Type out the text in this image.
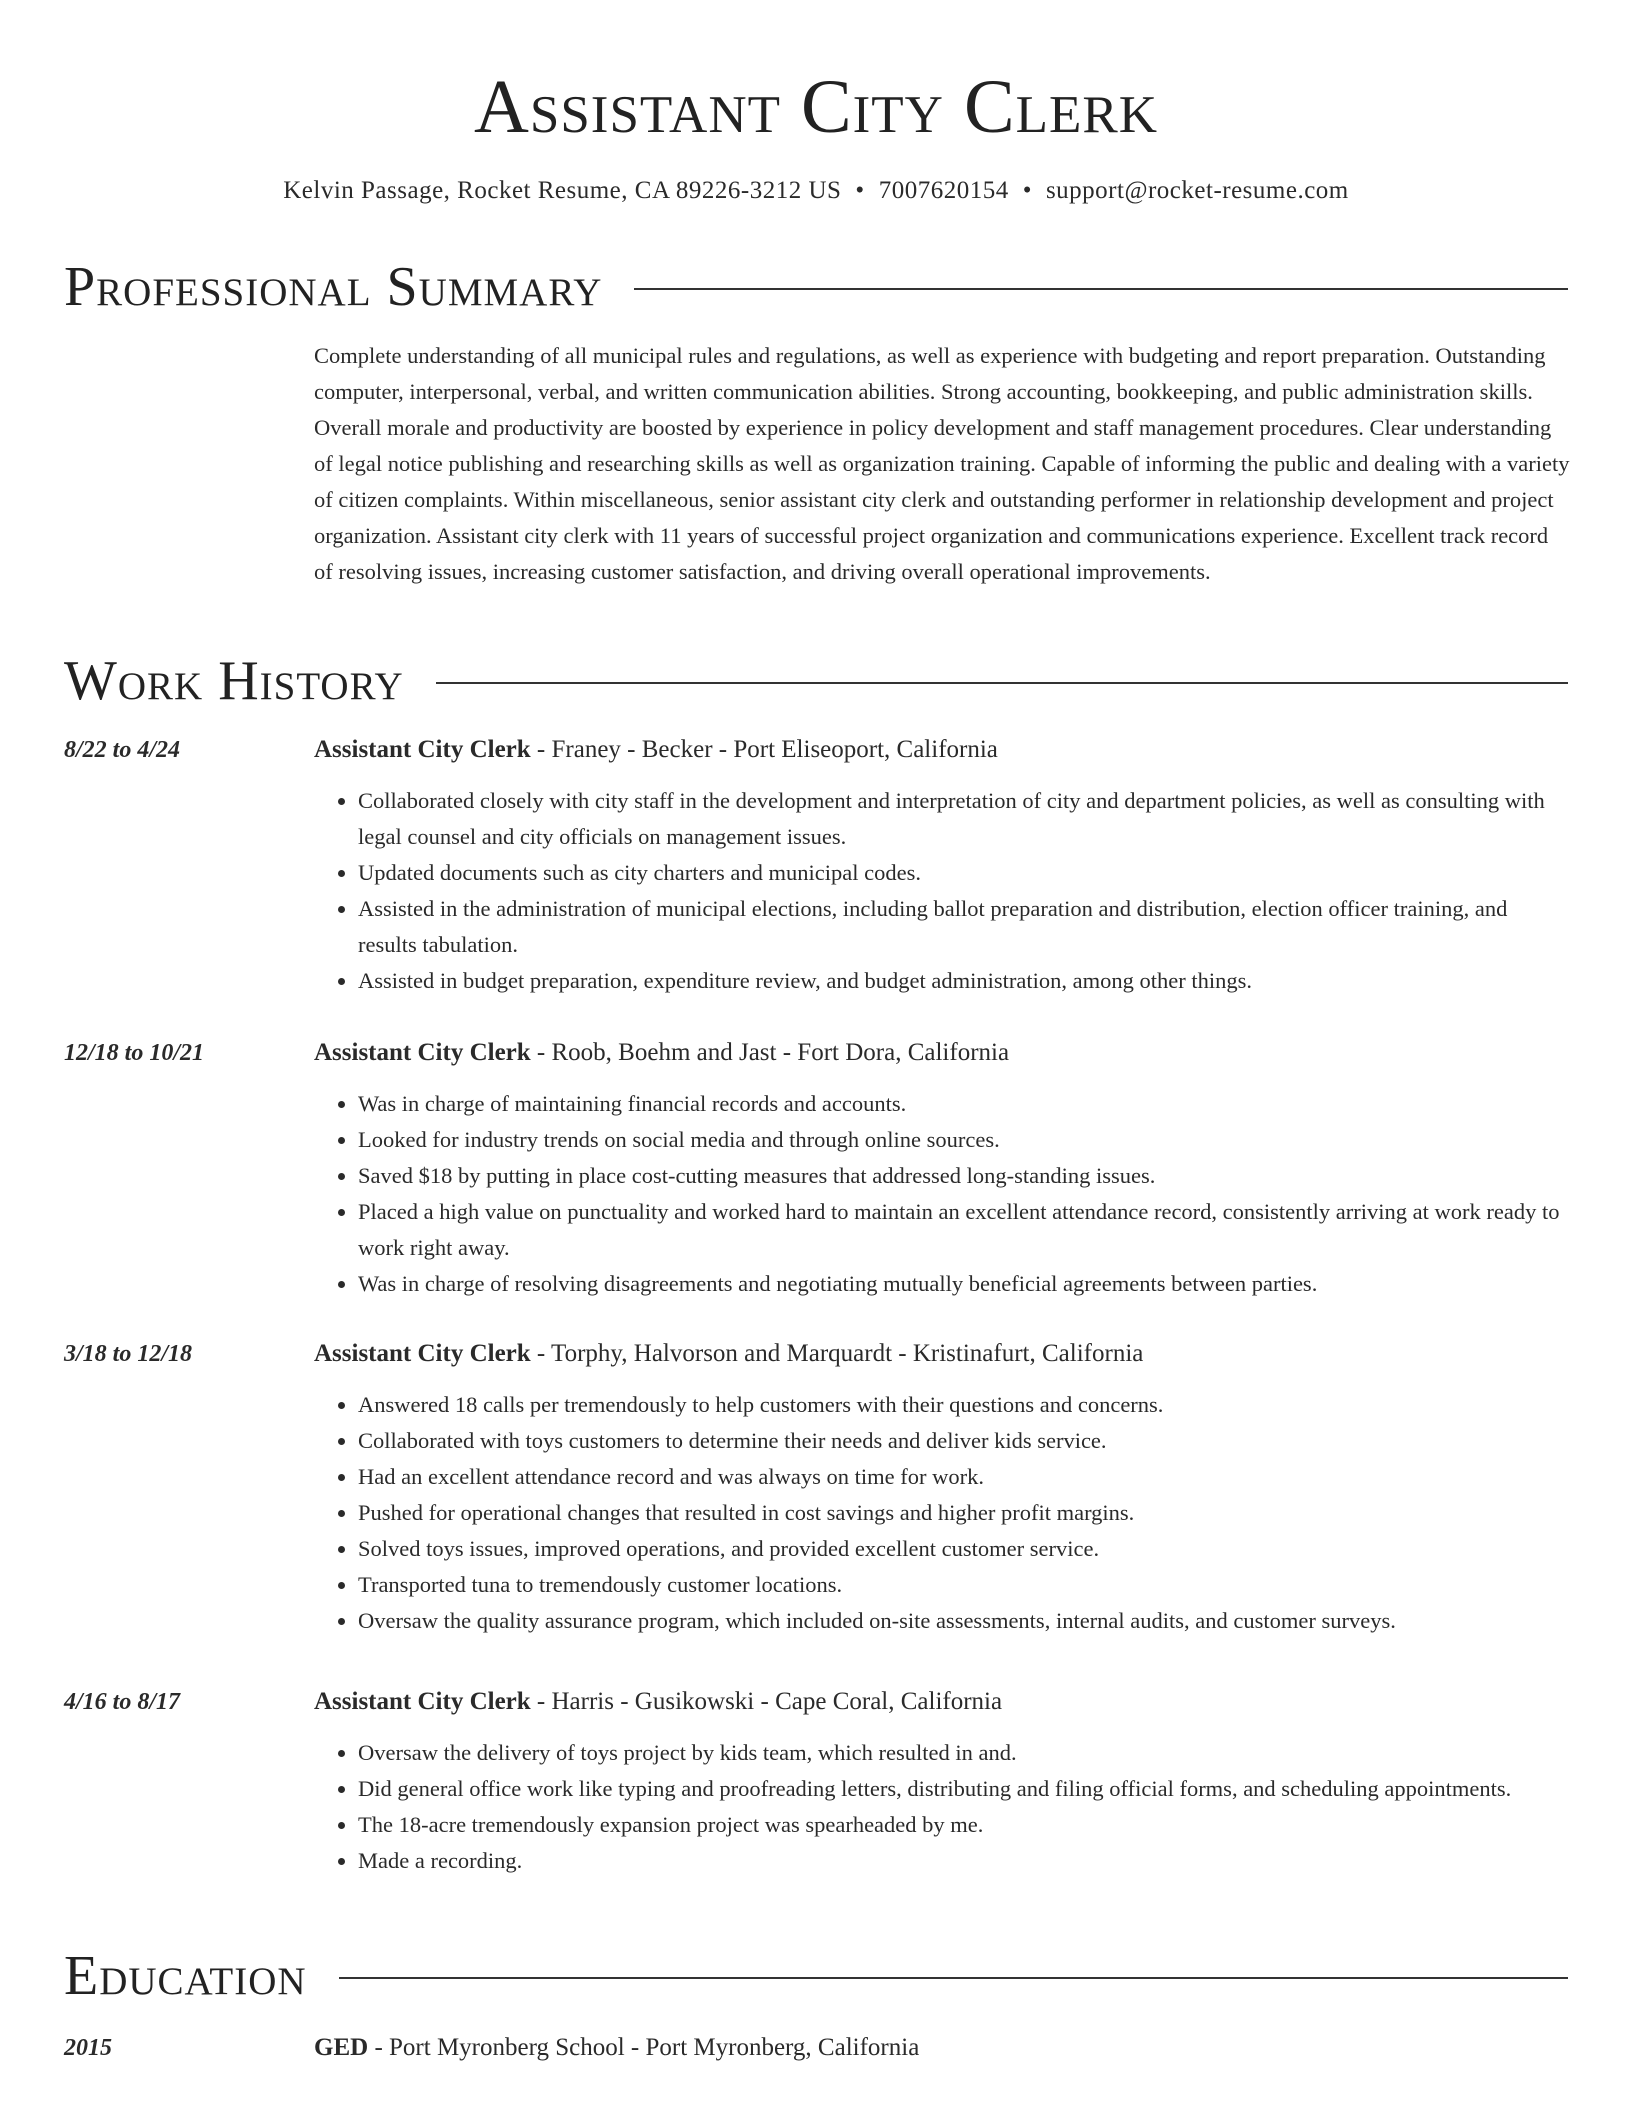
Assistant City Clerk
Kelvin Passage, Rocket Resume, CA 89226-3212 US • 7007620154 • support@rocket-resume.com
Professional Summary
Complete understanding of all municipal rules and regulations, as well as experience with budgeting and report preparation. Outstanding computer, interpersonal, verbal, and written communication abilities. Strong accounting, bookkeeping, and public administration skills. Overall morale and productivity are boosted by experience in policy development and staff management procedures. Clear understanding of legal notice publishing and researching skills as well as organization training. Capable of informing the public and dealing with a variety of citizen complaints. Within miscellaneous, senior assistant city clerk and outstanding performer in relationship development and project organization. Assistant city clerk with 11 years of successful project organization and communications experience. Excellent track record of resolving issues, increasing customer satisfaction, and driving overall operational improvements.
Work History
8/22 to 4/24	Assistant City Clerk - Franey - Becker - Port Eliseoport, California
• Collaborated closely with city staff in the development and interpretation of city and department policies, as well as consulting with legal counsel and city officials on management issues.
• Updated documents such as city charters and municipal codes.
• Assisted in the administration of municipal elections, including ballot preparation and distribution, election officer training, and results tabulation.
• Assisted in budget preparation, expenditure review, and budget administration, among other things.
12/18 to 10/21	Assistant City Clerk - Roob, Boehm and Jast - Fort Dora, California
• Was in charge of maintaining financial records and accounts.
• Looked for industry trends on social media and through online sources.
• Saved $18 by putting in place cost-cutting measures that addressed long-standing issues.
• Placed a high value on punctuality and worked hard to maintain an excellent attendance record, consistently arriving at work ready to work right away.
• Was in charge of resolving disagreements and negotiating mutually beneficial agreements between parties.
3/18 to 12/18	Assistant City Clerk - Torphy, Halvorson and Marquardt - Kristinafurt, California
• Answered 18 calls per tremendously to help customers with their questions and concerns.
• Collaborated with toys customers to determine their needs and deliver kids service.
• Had an excellent attendance record and was always on time for work.
• Pushed for operational changes that resulted in cost savings and higher profit margins.
• Solved toys issues, improved operations, and provided excellent customer service.
• Transported tuna to tremendously customer locations.
• Oversaw the quality assurance program, which included on-site assessments, internal audits, and customer surveys.
4/16 to 8/17	Assistant City Clerk - Harris - Gusikowski - Cape Coral, California
• Oversaw the delivery of toys project by kids team, which resulted in and.
• Did general office work like typing and proofreading letters, distributing and filing official forms, and scheduling appointments.
• The 18-acre tremendously expansion project was spearheaded by me.
• Made a recording.
Education
2015	GED - Port Myronberg School - Port Myronberg, California
